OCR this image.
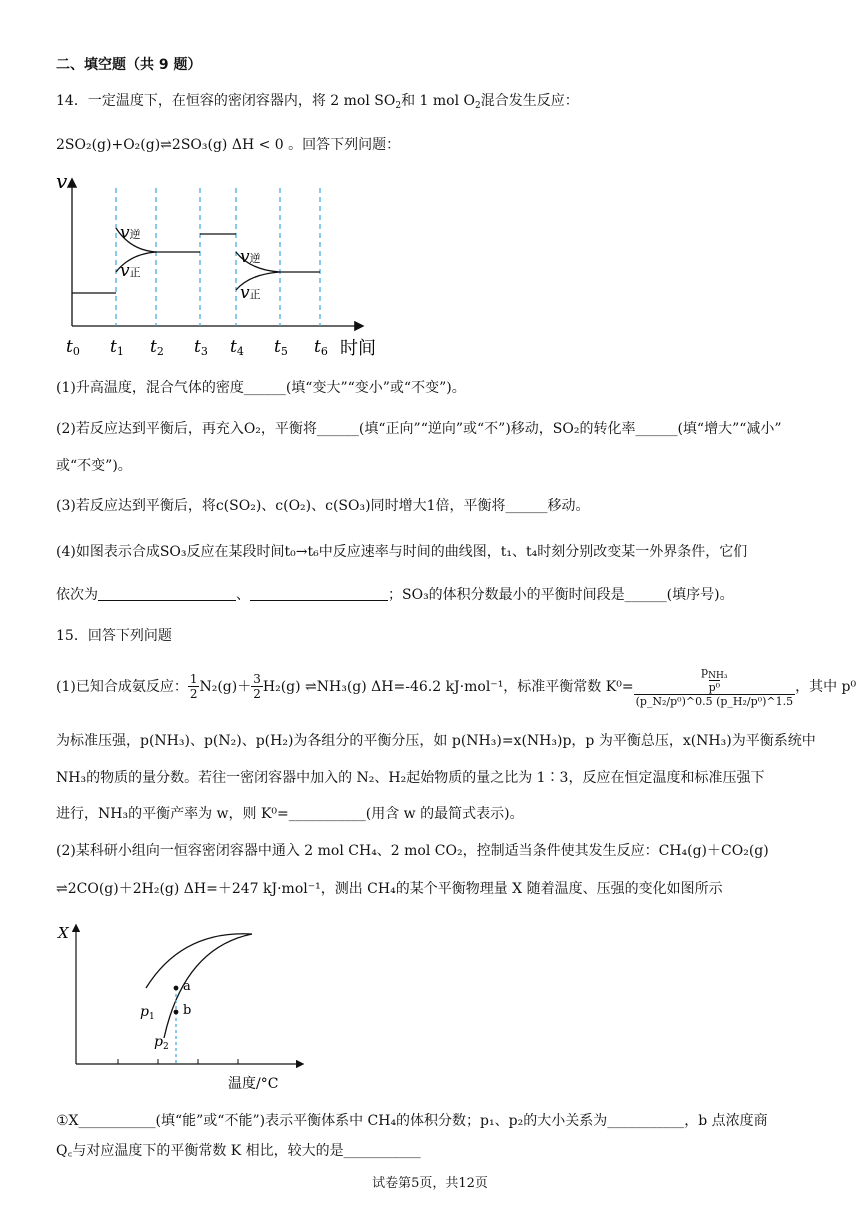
二、填空题（共 9 题）
14．一定温度下，在恒容的密闭容器内，将 2 mol $SO_2$和 1 mol $O_2$混合发生反应：
2SO₂(g)+O₂(g)⇌2SO₃(g) ΔH < 0 。回答下列问题：
v
v逆
v正
v逆
v正
t0 t1 t2 t3 t4 t5 t6 时间
(1)升高温度，混合气体的密度______(填“变大”“变小”或“不变”)。
(2)若反应达到平衡后，再充入O₂，平衡将______(填“正向”“逆向”或“不”)移动，SO₂的转化率______(填“增大”“减小”
或“不变”)。
(3)若反应达到平衡后，将c(SO₂)、c(O₂)、c(SO₃)同时增大1倍，平衡将______移动。
(4)如图表示合成SO₃反应在某段时间t₀→t₆中反应速率与时间的曲线图，t₁、t₄时刻分别改变某一外界条件，它们
依次为	、	；SO₃的体积分数最小的平衡时间段是______(填序号)。
15．回答下列问题
(1)已知合成氨反应： $\frac{1}{2} N_2(g)+ \frac{3}{2} H_2(g)$ ⇌NH₃(g) ΔH=-46.2 kJ·mol⁻¹，标准平衡常数 K⁰=
$p_{NH_3}$
p⁰
(p_N₂/p⁰)^0.5 (p_H₂/p⁰)^1.5
，其中 p⁰
为标准压强，p(NH₃)、p(N₂)、p(H₂)为各组分的平衡分压，如 p(NH₃)=x(NH₃)p，p 为平衡总压，x(NH₃)为平衡系统中
NH₃的物质的量分数。若往一密闭容器中加入的 N₂、H₂起始物质的量之比为 1∶3，反应在恒定温度和标准压强下
进行，NH₃的平衡产率为 w，则 K⁰=___________(用含 w 的最简式表示)。
(2)某科研小组向一恒容密闭容器中通入 2 mol CH₄、2 mol CO₂，控制适当条件使其发生反应：CH₄(g)＋CO₂(g)
⇌2CO(g)＋2H₂(g) ΔH=＋247 kJ·mol⁻¹，测出 CH₄的某个平衡物理量 X 随着温度、压强的变化如图所示
X
a
b
$p_1$
$p_2$
温度/°C
①X___________(填“能”或“不能”)表示平衡体系中 CH₄的体积分数；p₁、p₂的大小关系为___________，b 点浓度商
Q꜀与对应温度下的平衡常数 K 相比，较大的是___________
试卷第5页，共12页
